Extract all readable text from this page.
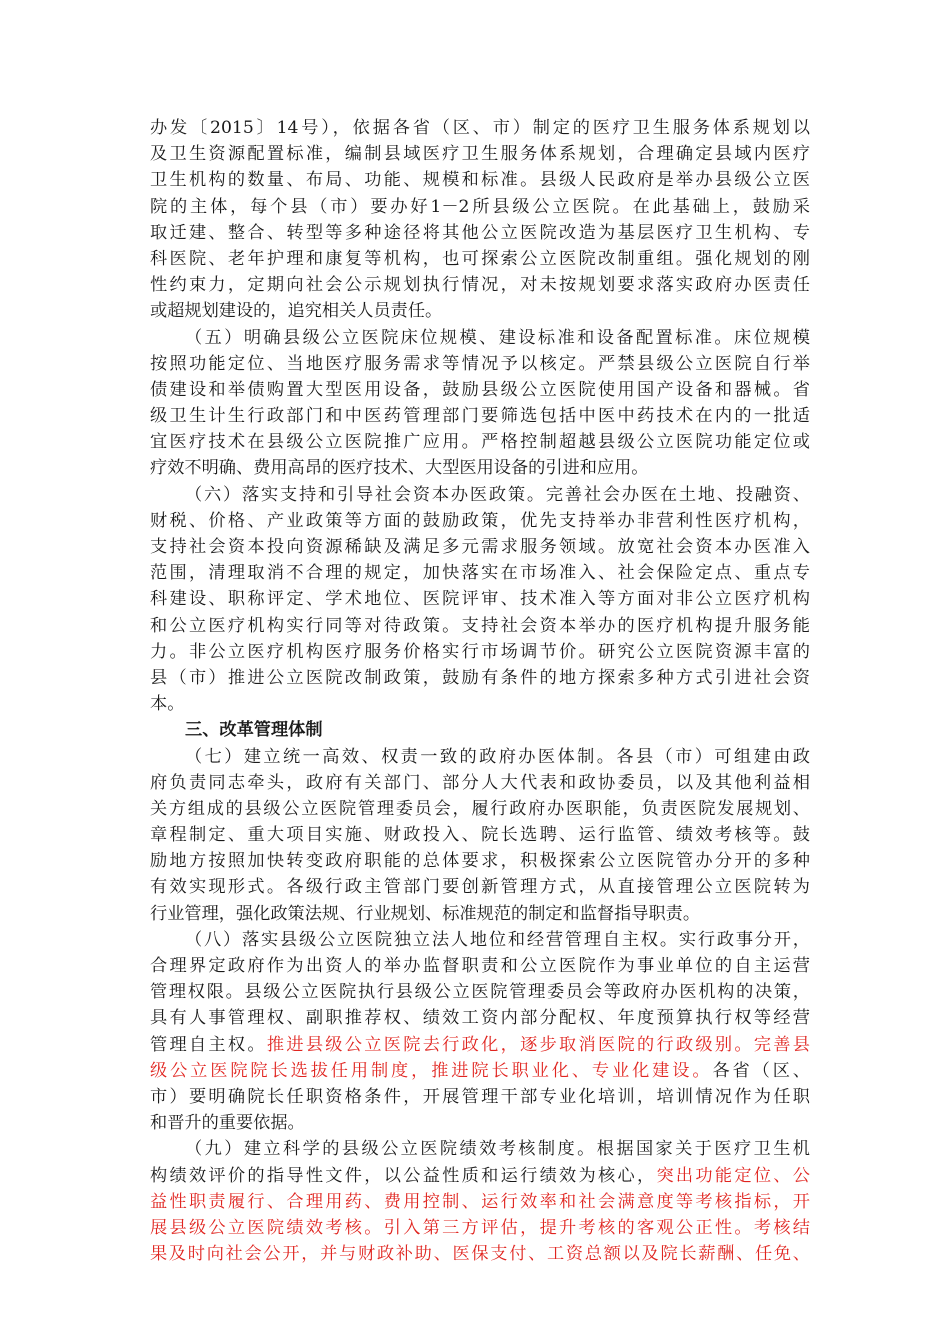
办发〔2015〕14号），依据各省（区、市）制定的医疗卫生服务体系规划以
及卫生资源配置标准，编制县域医疗卫生服务体系规划，合理确定县域内医疗
卫生机构的数量、布局、功能、规模和标准。县级人民政府是举办县级公立医
院的主体，每个县（市）要办好1－2所县级公立医院。在此基础上，鼓励采
取迁建、整合、转型等多种途径将其他公立医院改造为基层医疗卫生机构、专
科医院、老年护理和康复等机构，也可探索公立医院改制重组。强化规划的刚
性约束力，定期向社会公示规划执行情况，对未按规划要求落实政府办医责任
或超规划建设的，追究相关人员责任。
（五）明确县级公立医院床位规模、建设标准和设备配置标准。床位规模
按照功能定位、当地医疗服务需求等情况予以核定。严禁县级公立医院自行举
债建设和举债购置大型医用设备，鼓励县级公立医院使用国产设备和器械。省
级卫生计生行政部门和中医药管理部门要筛选包括中医中药技术在内的一批适
宜医疗技术在县级公立医院推广应用。严格控制超越县级公立医院功能定位或
疗效不明确、费用高昂的医疗技术、大型医用设备的引进和应用。
（六）落实支持和引导社会资本办医政策。完善社会办医在土地、投融资、
财税、价格、产业政策等方面的鼓励政策，优先支持举办非营利性医疗机构，
支持社会资本投向资源稀缺及满足多元需求服务领域。放宽社会资本办医准入
范围，清理取消不合理的规定，加快落实在市场准入、社会保险定点、重点专
科建设、职称评定、学术地位、医院评审、技术准入等方面对非公立医疗机构
和公立医疗机构实行同等对待政策。支持社会资本举办的医疗机构提升服务能
力。非公立医疗机构医疗服务价格实行市场调节价。研究公立医院资源丰富的
县（市）推进公立医院改制政策，鼓励有条件的地方探索多种方式引进社会资
本。
三、改革管理体制
（七）建立统一高效、权责一致的政府办医体制。各县（市）可组建由政
府负责同志牵头，政府有关部门、部分人大代表和政协委员，以及其他利益相
关方组成的县级公立医院管理委员会，履行政府办医职能，负责医院发展规划、
章程制定、重大项目实施、财政投入、院长选聘、运行监管、绩效考核等。鼓
励地方按照加快转变政府职能的总体要求，积极探索公立医院管办分开的多种
有效实现形式。各级行政主管部门要创新管理方式，从直接管理公立医院转为
行业管理，强化政策法规、行业规划、标准规范的制定和监督指导职责。
（八）落实县级公立医院独立法人地位和经营管理自主权。实行政事分开，
合理界定政府作为出资人的举办监督职责和公立医院作为事业单位的自主运营
管理权限。县级公立医院执行县级公立医院管理委员会等政府办医机构的决策，
具有人事管理权、副职推荐权、绩效工资内部分配权、年度预算执行权等经营
管理自主权。推进县级公立医院去行政化，逐步取消医院的行政级别。完善县
级公立医院院长选拔任用制度，推进院长职业化、专业化建设。各省（区、
市）要明确院长任职资格条件，开展管理干部专业化培训，培训情况作为任职
和晋升的重要依据。
（九）建立科学的县级公立医院绩效考核制度。根据国家关于医疗卫生机
构绩效评价的指导性文件，以公益性质和运行绩效为核心，突出功能定位、公
益性职责履行、合理用药、费用控制、运行效率和社会满意度等考核指标，开
展县级公立医院绩效考核。引入第三方评估，提升考核的客观公正性。考核结
果及时向社会公开，并与财政补助、医保支付、工资总额以及院长薪酬、任免、
